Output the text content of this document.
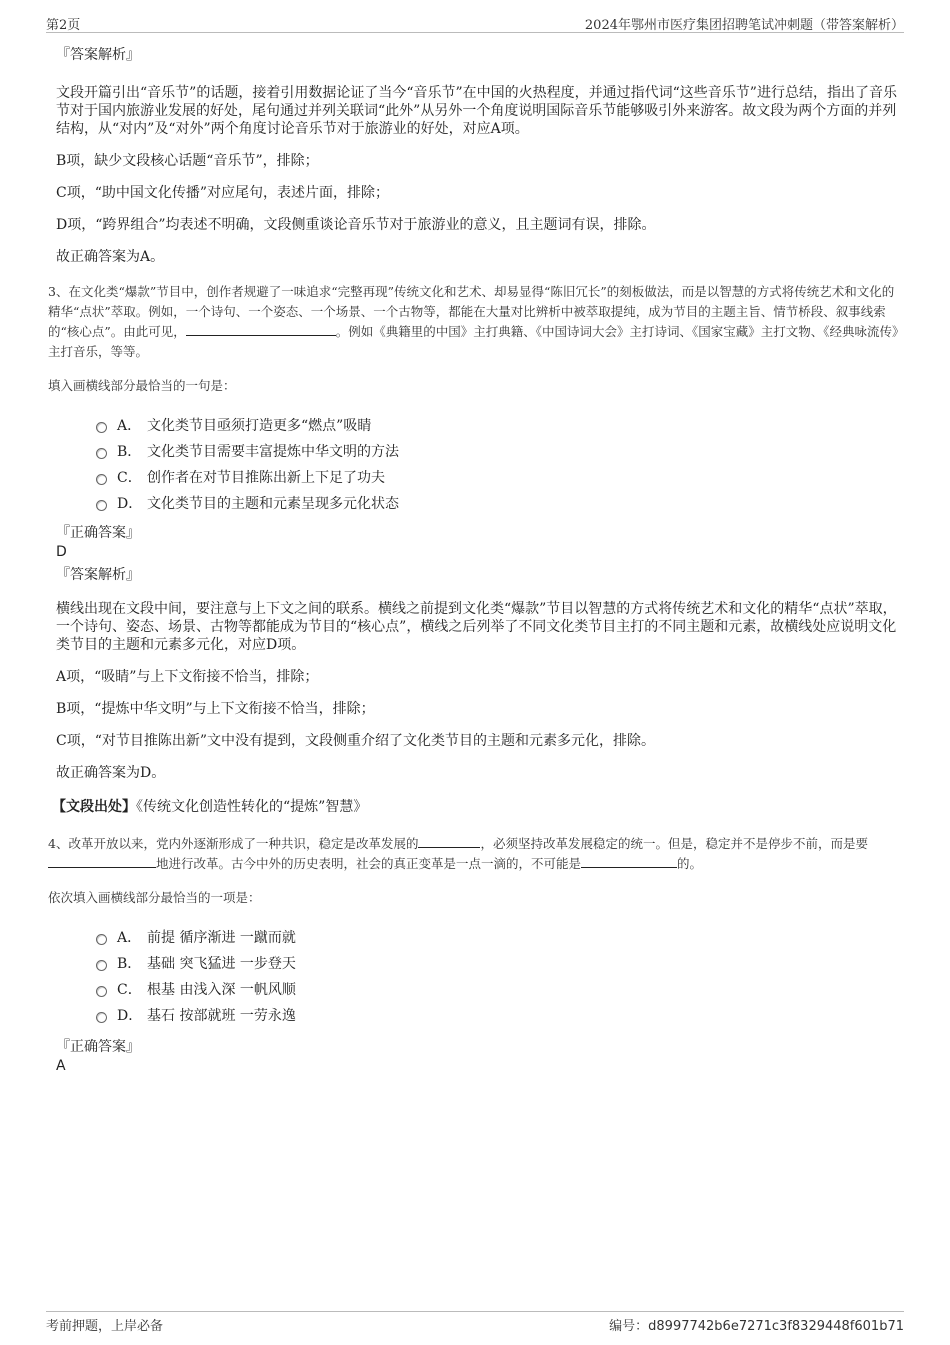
第2页	2024年鄂州市医疗集团招聘笔试冲刺题（带答案解析）
『答案解析』

文段开篇引出“音乐节”的话题，接着引用数据论证了当今“音乐节”在中国的火热程度，并通过指代词“这些音乐节”进行总结，指出了音乐节对于国内旅游业发展的好处，尾句通过并列关联词“此外”从另外一个角度说明国际音乐节能够吸引外来游客。故文段为两个方面的并列结构，从“对内”及“对外”两个角度讨论音乐节对于旅游业的好处，对应A项。

B项，缺少文段核心话题“音乐节”，排除；

C项，“助中国文化传播”对应尾句，表述片面，排除；

D项，“跨界组合”均表述不明确，文段侧重谈论音乐节对于旅游业的意义，且主题词有误，排除。

故正确答案为A。

3、在文化类“爆款”节目中，创作者规避了一味追求“完整再现”传统文化和艺术、却易显得“陈旧冗长”的刻板做法，而是以智慧的方式将传统艺术和文化的精华“点状”萃取。例如，一个诗句、一个姿态、一个场景、一个古物等，都能在大量对比辨析中被萃取提纯，成为节目的主题主旨、情节桥段、叙事线索的“核心点”。由此可见，	。例如《典籍里的中国》主打典籍、《中国诗词大会》主打诗词、《国家宝藏》主打文物、《经典咏流传》主打音乐，等等。

填入画横线部分最恰当的一句是：
A． 文化类节目亟须打造更多“燃点”吸睛
B． 文化类节目需要丰富提炼中华文明的方法
C． 创作者在对节目推陈出新上下足了功夫
D． 文化类节目的主题和元素呈现多元化状态
『正确答案』
D
『答案解析』

横线出现在文段中间，要注意与上下文之间的联系。横线之前提到文化类“爆款”节目以智慧的方式将传统艺术和文化的精华“点状”萃取，一个诗句、姿态、场景、古物等都能成为节目的“核心点”，横线之后列举了不同文化类节目主打的不同主题和元素，故横线处应说明文化类节目的主题和元素多元化，对应D项。

A项，“吸睛”与上下文衔接不恰当，排除；

B项，“提炼中华文明”与上下文衔接不恰当，排除；

C项，“对节目推陈出新”文中没有提到，文段侧重介绍了文化类节目的主题和元素多元化，排除。

故正确答案为D。

【文段出处】《传统文化创造性转化的“提炼”智慧》

4、改革开放以来，党内外逐渐形成了一种共识，稳定是改革发展的	，必须坚持改革发展稳定的统一。但是，稳定并不是停步不前，而是要地进行改革。古今中外的历史表明，社会的真正变革是一点一滴的，不可能是	的。

依次填入画横线部分最恰当的一项是：
A． 前提 循序渐进 一蹴而就
B． 基础 突飞猛进 一步登天
C． 根基 由浅入深 一帆风顺
D． 基石 按部就班 一劳永逸
『正确答案』
A
考前押题，上岸必备	编号：d8997742b6e7271c3f8329448f601b71
